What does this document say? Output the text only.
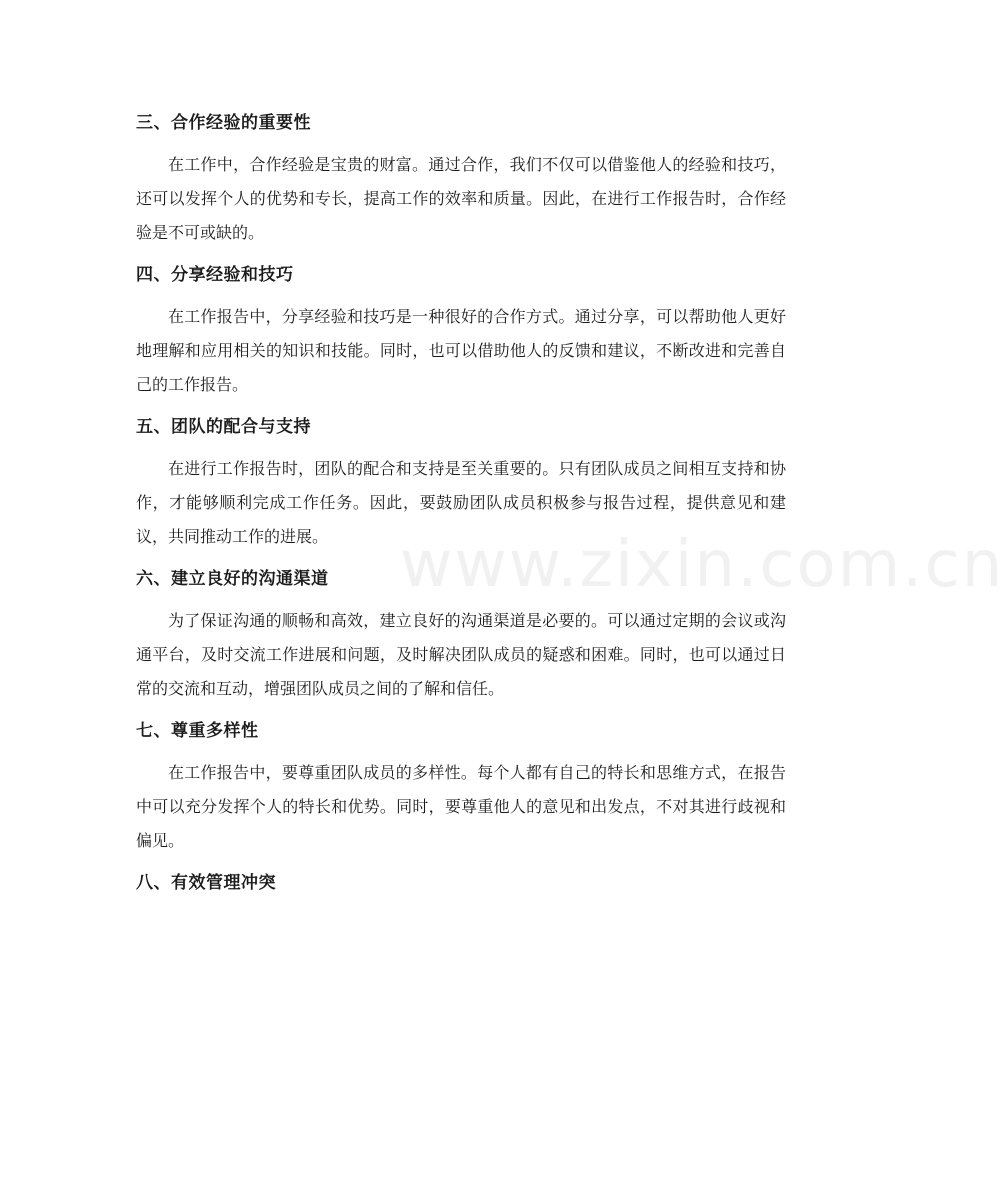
www.zixin.com.cn
三、合作经验的重要性

在工作中，合作经验是宝贵的财富。通过合作，我们不仅可以借鉴他人的经验和技巧，还可以发挥个人的优势和专长，提高工作的效率和质量。因此，在进行工作报告时，合作经验是不可或缺的。

四、分享经验和技巧

在工作报告中，分享经验和技巧是一种很好的合作方式。通过分享，可以帮助他人更好地理解和应用相关的知识和技能。同时，也可以借助他人的反馈和建议，不断改进和完善自己的工作报告。

五、团队的配合与支持

在进行工作报告时，团队的配合和支持是至关重要的。只有团队成员之间相互支持和协作，才能够顺利完成工作任务。因此，要鼓励团队成员积极参与报告过程，提供意见和建议，共同推动工作的进展。

六、建立良好的沟通渠道

为了保证沟通的顺畅和高效，建立良好的沟通渠道是必要的。可以通过定期的会议或沟通平台，及时交流工作进展和问题，及时解决团队成员的疑惑和困难。同时，也可以通过日常的交流和互动，增强团队成员之间的了解和信任。

七、尊重多样性

在工作报告中，要尊重团队成员的多样性。每个人都有自己的特长和思维方式，在报告中可以充分发挥个人的特长和优势。同时，要尊重他人的意见和出发点，不对其进行歧视和偏见。

八、有效管理冲突
